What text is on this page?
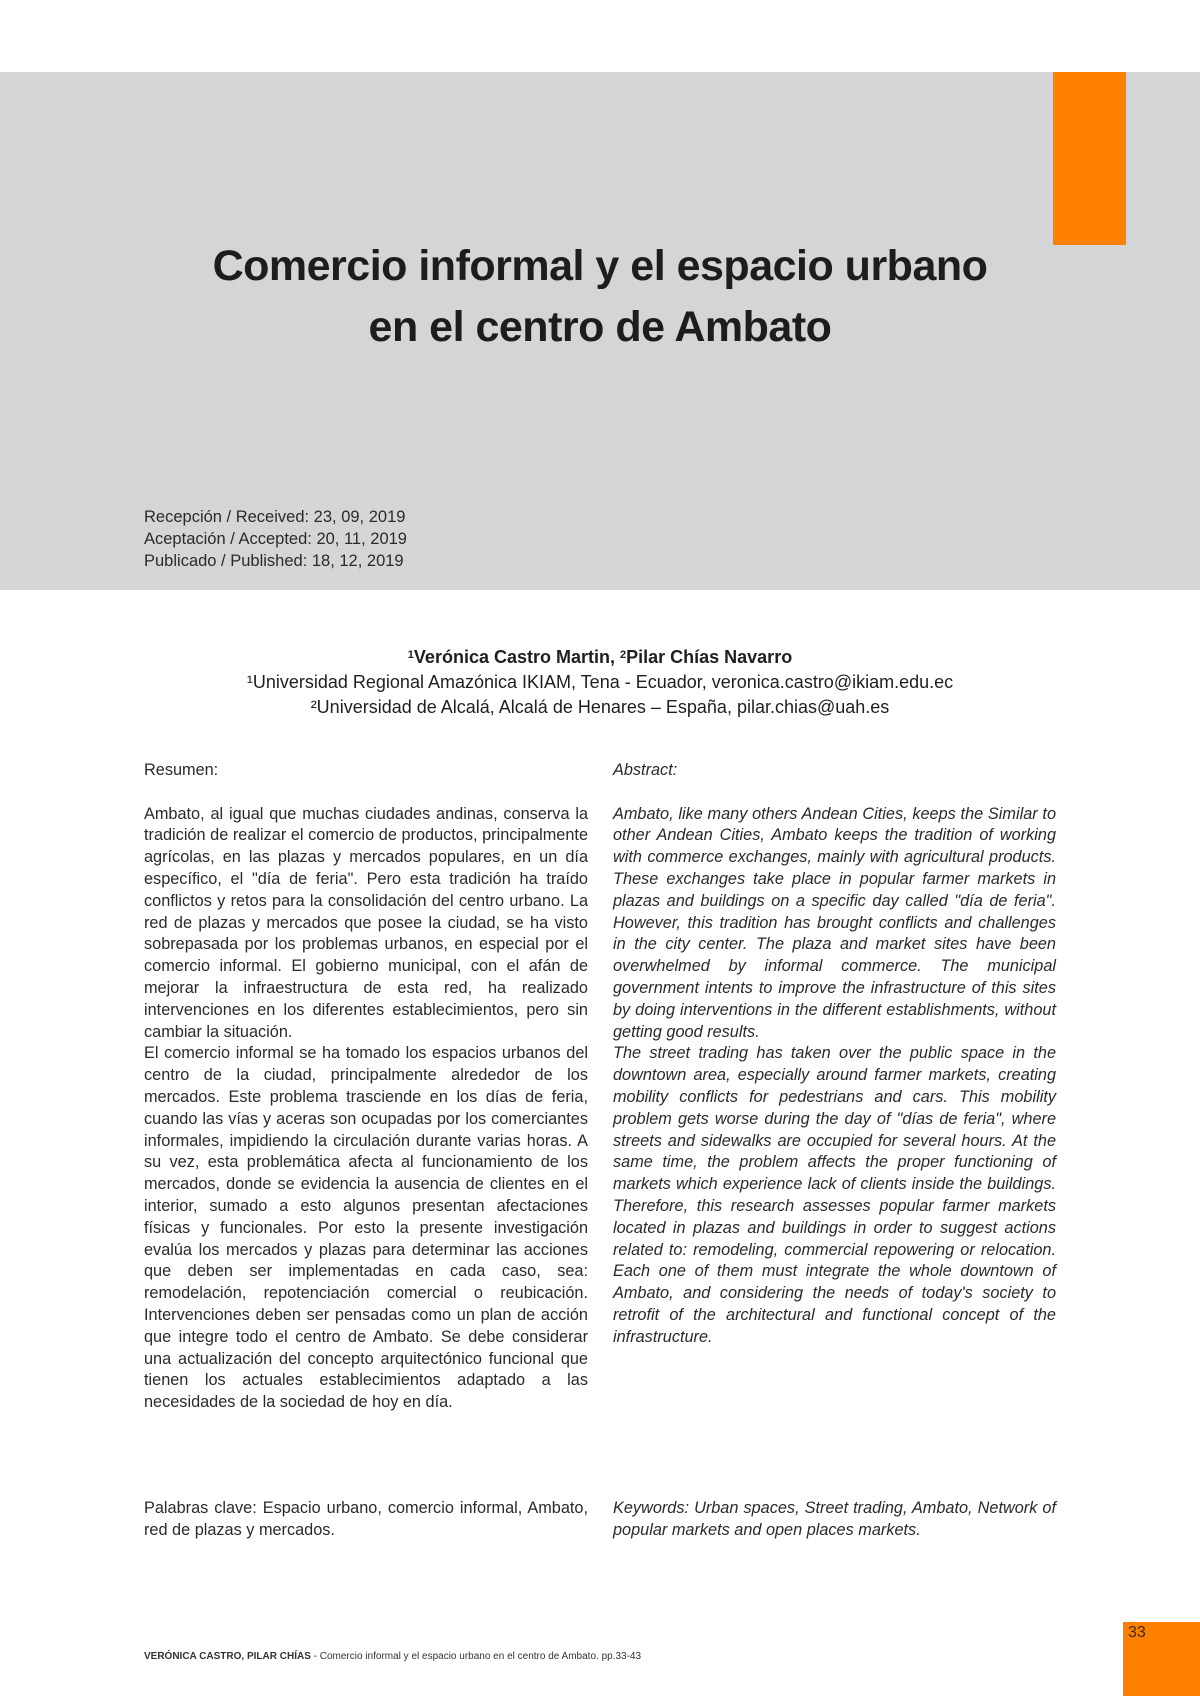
Comercio informal y el espacio urbano
en el centro de Ambato
Recepción / Received: 23, 09, 2019
Aceptación / Accepted: 20, 11, 2019
Publicado / Published: 18, 12, 2019
$^1$Verónica Castro Martin, $^2$Pilar Chías Navarro
¹Universidad Regional Amazónica IKIAM, Tena - Ecuador, veronica.castro@ikiam.edu.ec
²Universidad de Alcalá, Alcalá de Henares – España, pilar.chias@uah.es

Resumen:

Ambato, al igual que muchas ciudades andinas, conserva la tradición de realizar el comercio de productos, principalmente agrícolas, en las plazas y mercados populares, en un día específico, el "día de feria". Pero esta tradición ha traído conflictos y retos para la consolidación del centro urbano. La red de plazas y mercados que posee la ciudad, se ha visto sobrepasada por los problemas urbanos, en especial por el comercio informal. El gobierno municipal, con el afán de mejorar la infraestructura de esta red, ha realizado intervenciones en los diferentes establecimientos, pero sin cambiar la situación.

El comercio informal se ha tomado los espacios urbanos del centro de la ciudad, principalmente alrededor de los mercados. Este problema trasciende en los días de feria, cuando las vías y aceras son ocupadas por los comerciantes informales, impidiendo la circulación durante varias horas. A su vez, esta problemática afecta al funcionamiento de los mercados, donde se evidencia la ausencia de clientes en el interior, sumado a esto algunos presentan afectaciones físicas y funcionales. Por esto la presente investigación evalúa los mercados y plazas para determinar las acciones que deben ser implementadas en cada caso, sea: remodelación, repotenciación comercial o reubicación. Intervenciones deben ser pensadas como un plan de acción que integre todo el centro de Ambato. Se debe considerar una actualización del concepto arquitectónico funcional que tienen los actuales establecimientos adaptado a las necesidades de la sociedad de hoy en día.

Palabras clave: Espacio urbano, comercio informal, Ambato, red de plazas y mercados.

Abstract:

Ambato, like many others Andean Cities, keeps the Similar to other Andean Cities, Ambato keeps the tradition of working with commerce exchanges, mainly with agricultural products. These exchanges take place in popular farmer markets in plazas and buildings on a specific day called "día de feria". However, this tradition has brought conflicts and challenges in the city center. The plaza and market sites have been overwhelmed by informal commerce. The municipal government intents to improve the infrastructure of this sites by doing interventions in the different establishments, without getting good results.

The street trading has taken over the public space in the downtown area, especially around farmer markets, creating mobility conflicts for pedestrians and cars. This mobility problem gets worse during the day of "días de feria", where streets and sidewalks are occupied for several hours. At the same time, the problem affects the proper functioning of markets which experience lack of clients inside the buildings. Therefore, this research assesses popular farmer markets located in plazas and buildings in order to suggest actions related to: remodeling, commercial repowering or relocation. Each one of them must integrate the whole downtown of Ambato, and considering the needs of today's society to retrofit of the architectural and functional concept of the infrastructure.

Keywords: Urban spaces, Street trading, Ambato, Network of popular markets and open places markets.

VERÓNICA CASTRO, PILAR CHÍAS - Comercio informal y el espacio urbano en el centro de Ambato. pp.33-43
33
